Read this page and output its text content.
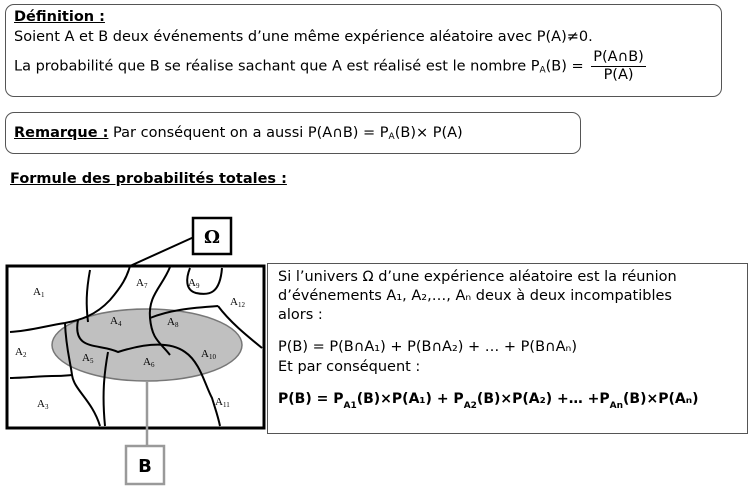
Définition :
Soient A et B deux événements d’une même expérience aléatoire avec P(A)≠0.
La probabilité que B se réalise sachant que A est réalisé est le nombre $P_A(B) = \frac{P(A\cap B)}{P(A)}$
Remarque : Par conséquent on a aussi P(A∩B) = $P_A(B)\times P(A)$
Formule des probabilités totales :
Ω
B
A1
A7	A9
A12
A4	A8
A2	A5	A6
A10
A3	A11
Si l’univers Ω d’une expérience aléatoire est la réunion
d’événements A₁, A₂,…, Aₙ deux à deux incompatibles
alors :
P(B) = P(B∩A₁) + P(B∩A₂) + … + P(B∩Aₙ)
Et par conséquent :
$P(B) = P_{A1}(B)\times P(A_1) + P_{A2}(B)\times P(A_2)$ +… $+P_{An}(B)\times P(A_n)$
